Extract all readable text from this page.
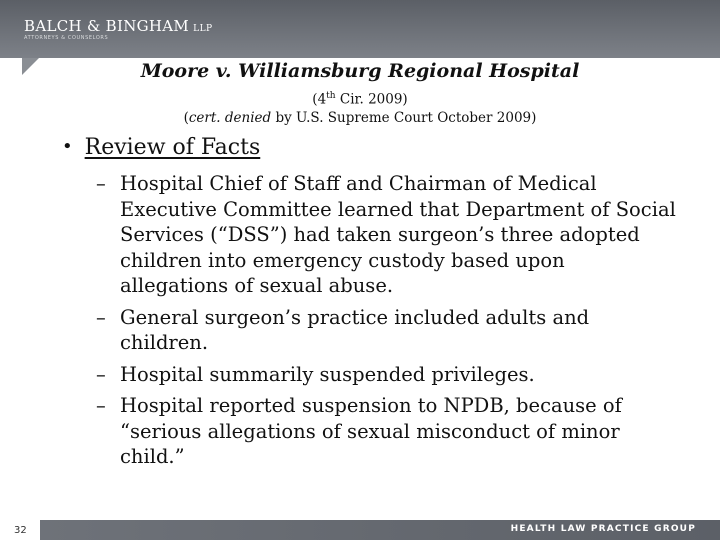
BALCH & BINGHAM LLP
ATTORNEYS & COUNSELORS
Moore v. Williamsburg Regional Hospital
(4th Cir. 2009)
(cert. denied by U.S. Supreme Court October 2009)
• Review of Facts
– Hospital Chief of Staff and Chairman of Medical Executive Committee learned that Department of Social Services (“DSS”) had taken surgeon’s three adopted children into emergency custody based upon allegations of sexual abuse.
– General surgeon’s practice included adults and children.
– Hospital summarily suspended privileges.
– Hospital reported suspension to NPDB, because of “serious allegations of sexual misconduct of minor child.”
32	HEALTH LAW PRACTICE GROUP
